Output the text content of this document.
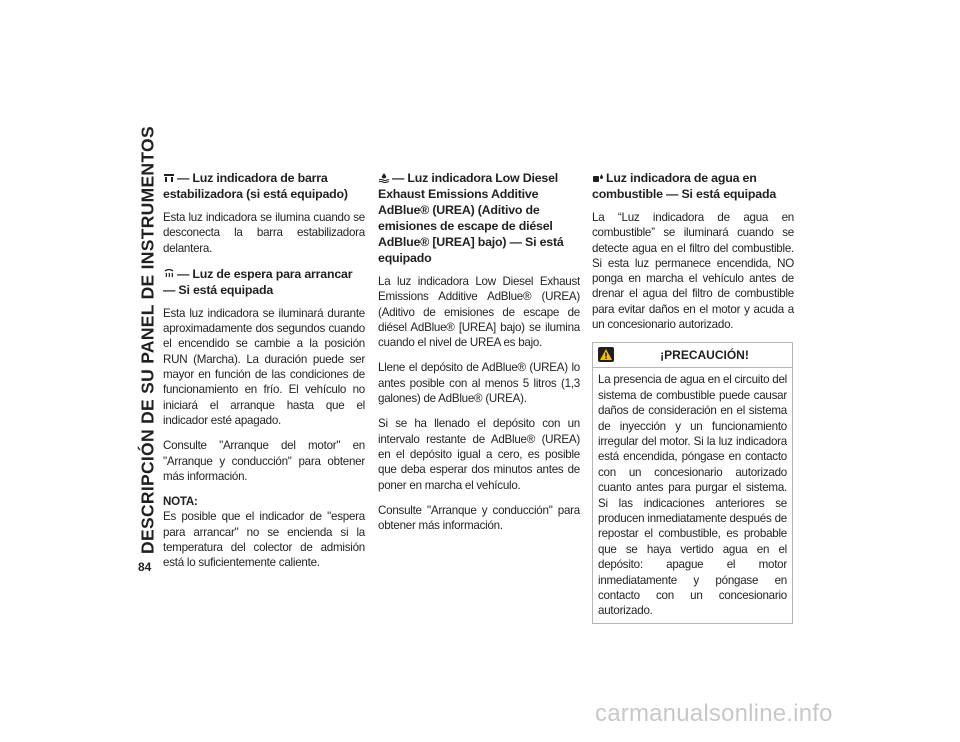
DESCRIPCIÓN DE SU PANEL DE INSTRUMENTOS
84
— Luz indicadora de barra estabilizadora (si está equipado)

Esta luz indicadora se ilumina cuando se desconecta la barra estabilizadora delantera.

— Luz de espera para arrancar — Si está equipada

Esta luz indicadora se iluminará durante aproximadamente dos segundos cuando el encendido se cambie a la posición RUN (Marcha). La duración puede ser mayor en función de las condiciones de funcionamiento en frío. El vehículo no iniciará el arranque hasta que el indicador esté apagado.

Consulte "Arranque del motor" en "Arranque y conducción" para obtener más información.

NOTA:
Es posible que el indicador de "espera para arrancar" no se encienda si la temperatura del colector de admisión está lo suficientemente caliente.

— Luz indicadora Low Diesel Exhaust Emissions Additive AdBlue® (UREA) (Aditivo de emisiones de escape de diésel AdBlue® [UREA] bajo) — Si está equipado

La luz indicadora Low Diesel Exhaust Emissions Additive AdBlue® (UREA) (Aditivo de emisiones de escape de diésel AdBlue® [UREA] bajo) se ilumina cuando el nivel de UREA es bajo.

Llene el depósito de AdBlue® (UREA) lo antes posible con al menos 5 litros (1,3 galones) de AdBlue® (UREA).

Si se ha llenado el depósito con un intervalo restante de AdBlue® (UREA) en el depósito igual a cero, es posible que deba esperar dos minutos antes de poner en marcha el vehículo.

Consulte "Arranque y conducción" para obtener más información.

Luz indicadora de agua en combustible — Si está equipada

La “Luz indicadora de agua en combustible” se iluminará cuando se detecte agua en el filtro del combustible. Si esta luz permanece encendida, NO ponga en marcha el vehículo antes de drenar el agua del filtro de combustible para evitar daños en el motor y acuda a un concesionario autorizado.

¡PRECAUCIÓN!

La presencia de agua en el circuito del sistema de combustible puede causar daños de consideración en el sistema de inyección y un funcionamiento irregular del motor. Si la luz indicadora está encendida, póngase en contacto con un concesionario autorizado cuanto antes para purgar el sistema. Si las indicaciones anteriores se producen inmediatamente después de repostar el combustible, es probable que se haya vertido agua en el depósito: apague el motor inmediatamente y póngase en contacto con un concesionario autorizado.

carmanualsonline.info
